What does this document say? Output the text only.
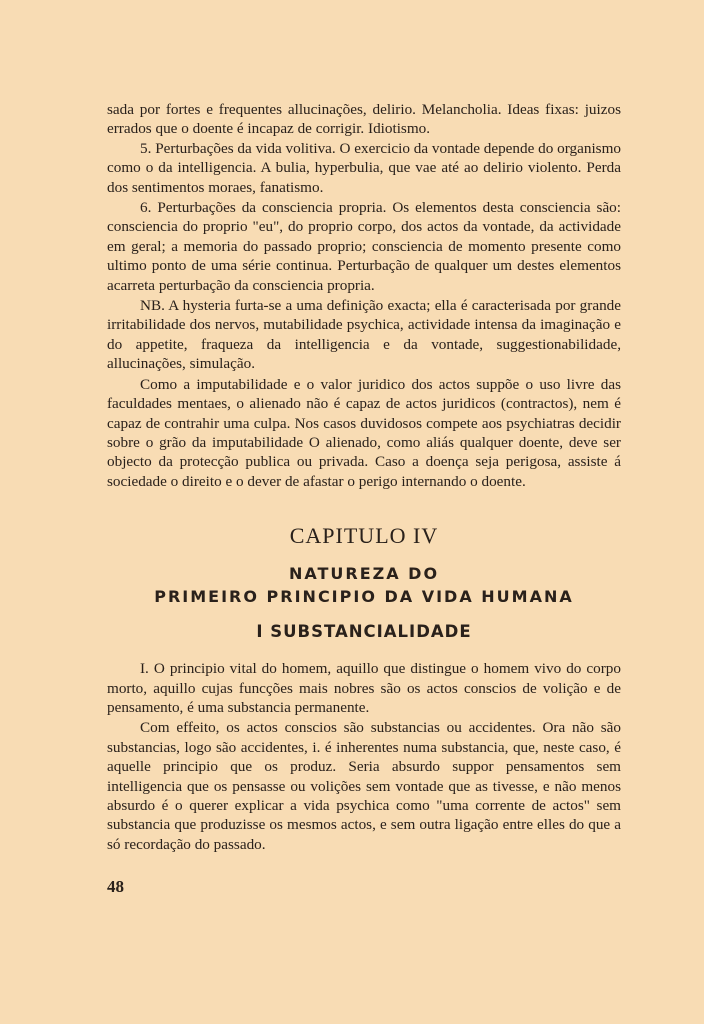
sada por fortes e frequentes allucinações, delirio. Melancholia. Ideas fixas: juizos errados que o doente é incapaz de corrigir. Idiotismo.

5. Perturbações da vida volitiva. O exercicio da vontade depende do organismo como o da intelligencia. A bulia, hyperbulia, que vae até ao delirio violento. Perda dos sentimentos moraes, fanatismo.

6. Perturbações da consciencia propria. Os elementos desta consciencia são: consciencia do proprio "eu", do proprio corpo, dos actos da vontade, da actividade em geral; a memoria do passado proprio; consciencia de momento presente como ultimo ponto de uma série continua. Perturbação de qualquer um destes elementos acarreta perturbação da consciencia propria.

NB. A hysteria furta-se a uma definição exacta; ella é caracterisada por grande irritabilidade dos nervos, mutabilidade psychica, actividade intensa da imaginação e do appetite, fraqueza da intelligencia e da vontade, suggestionabilidade, allucinações, simulação.

Como a imputabilidade e o valor juridico dos actos suppõe o uso livre das faculdades mentaes, o alienado não é capaz de actos juridicos (contractos), nem é capaz de contrahir uma culpa. Nos casos duvidosos compete aos psychiatras decidir sobre o grão da imputabilidade O alienado, como aliás qualquer doente, deve ser objecto da protecção publica ou privada. Caso a doença seja perigosa, assiste á sociedade o direito e o dever de afastar o perigo internando o doente.

CAPITULO IV
NATUREZA DO
PRIMEIRO PRINCIPIO DA VIDA HUMANA
I SUBSTANCIALIDADE

I. O principio vital do homem, aquillo que distingue o homem vivo do corpo morto, aquillo cujas funcções mais nobres são os actos conscios de volição e de pensamento, é uma substancia permanente.

Com effeito, os actos conscios são substancias ou accidentes. Ora não são substancias, logo são accidentes, i. é inherentes numa substancia, que, neste caso, é aquelle principio que os produz. Seria absurdo suppor pensamentos sem intelligencia que os pensasse ou volições sem vontade que as tivesse, e não menos absurdo é o querer explicar a vida psychica como "uma corrente de actos" sem substancia que produzisse os mesmos actos, e sem outra ligação entre elles do que a só recordação do passado.

48
